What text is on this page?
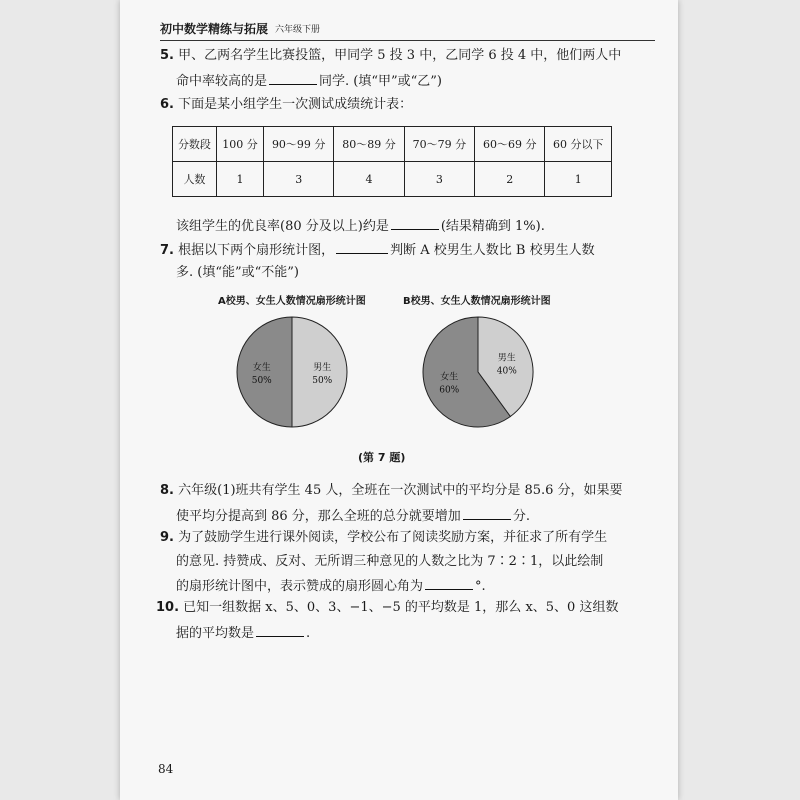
初中数学精练与拓展 六年级下册
5. 甲、乙两名学生比赛投篮，甲同学 5 投 3 中，乙同学 6 投 4 中，他们两人中
命中率较高的是	同学. (填“甲”或“乙”)
6. 下面是某小组学生一次测试成绩统计表：
分数段	100 分	90～99 分	80～89 分	70～79 分	60～69 分	60 分以下
人数	1	3	4	3	2	1
该组学生的优良率(80 分及以上)约是	(结果精确到 1%).
7. 根据以下两个扇形统计图，	判断 A 校男生人数比 B 校男生人数
多. (填“能”或“不能”)
A校男、女生人数情况扇形统计图	B校男、女生人数情况扇形统计图
男生
50%
女生
50%
男生
40%
女生
60%
(第 7 题)
8. 六年级(1)班共有学生 45 人，全班在一次测试中的平均分是 85.6 分，如果要
使平均分提高到 86 分，那么全班的总分就要增加	分.
9. 为了鼓励学生进行课外阅读，学校公布了阅读奖励方案，并征求了所有学生
的意见. 持赞成、反对、无所谓三种意见的人数之比为 7∶2∶1，以此绘制
的扇形统计图中，表示赞成的扇形圆心角为	°.
10. 已知一组数据 x、5、0、3、−1、−5 的平均数是 1，那么 x、5、0 这组数
据的平均数是	.
84
